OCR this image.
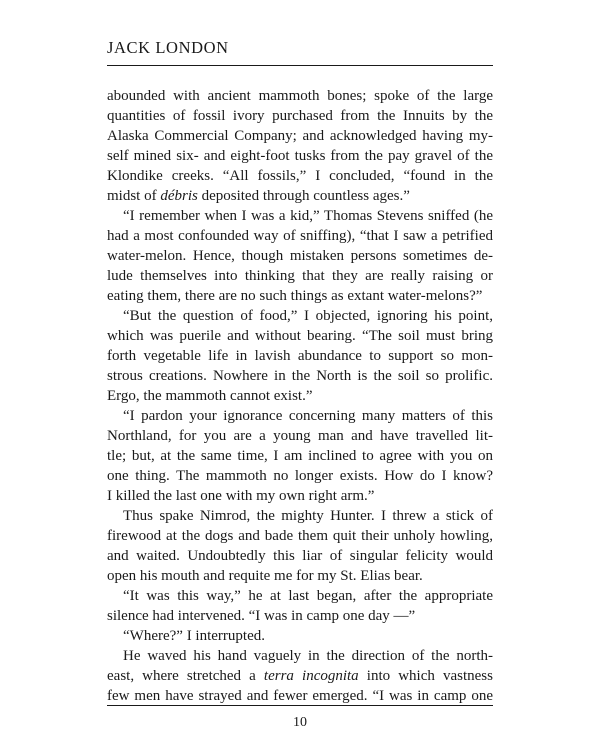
JACK LONDON
abounded with ancient mammoth bones; spoke of the large
quantities of fossil ivory purchased from the Innuits by the
Alaska Commercial Company; and acknowledged having my-
self mined six- and eight-foot tusks from the pay gravel of the
Klondike creeks. “All fossils,” I concluded, “found in the
midst of débris deposited through countless ages.”
“I remember when I was a kid,” Thomas Stevens sniffed (he
had a most confounded way of sniffing), “that I saw a petrified
water-melon. Hence, though mistaken persons sometimes de-
lude themselves into thinking that they are really raising or
eating them, there are no such things as extant water-melons?”
“But the question of food,” I objected, ignoring his point,
which was puerile and without bearing. “The soil must bring
forth vegetable life in lavish abundance to support so mon-
strous creations. Nowhere in the North is the soil so prolific.
Ergo, the mammoth cannot exist.”
“I pardon your ignorance concerning many matters of this
Northland, for you are a young man and have travelled lit-
tle; but, at the same time, I am inclined to agree with you on
one thing. The mammoth no longer exists. How do I know?
I killed the last one with my own right arm.”
Thus spake Nimrod, the mighty Hunter. I threw a stick of
firewood at the dogs and bade them quit their unholy howling,
and waited. Undoubtedly this liar of singular felicity would
open his mouth and requite me for my St. Elias bear.
“It was this way,” he at last began, after the appropriate
silence had intervened. “I was in camp one day —”
“Where?” I interrupted.
He waved his hand vaguely in the direction of the north-
east, where stretched a terra incognita into which vastness
few men have strayed and fewer emerged. “I was in camp one
10
